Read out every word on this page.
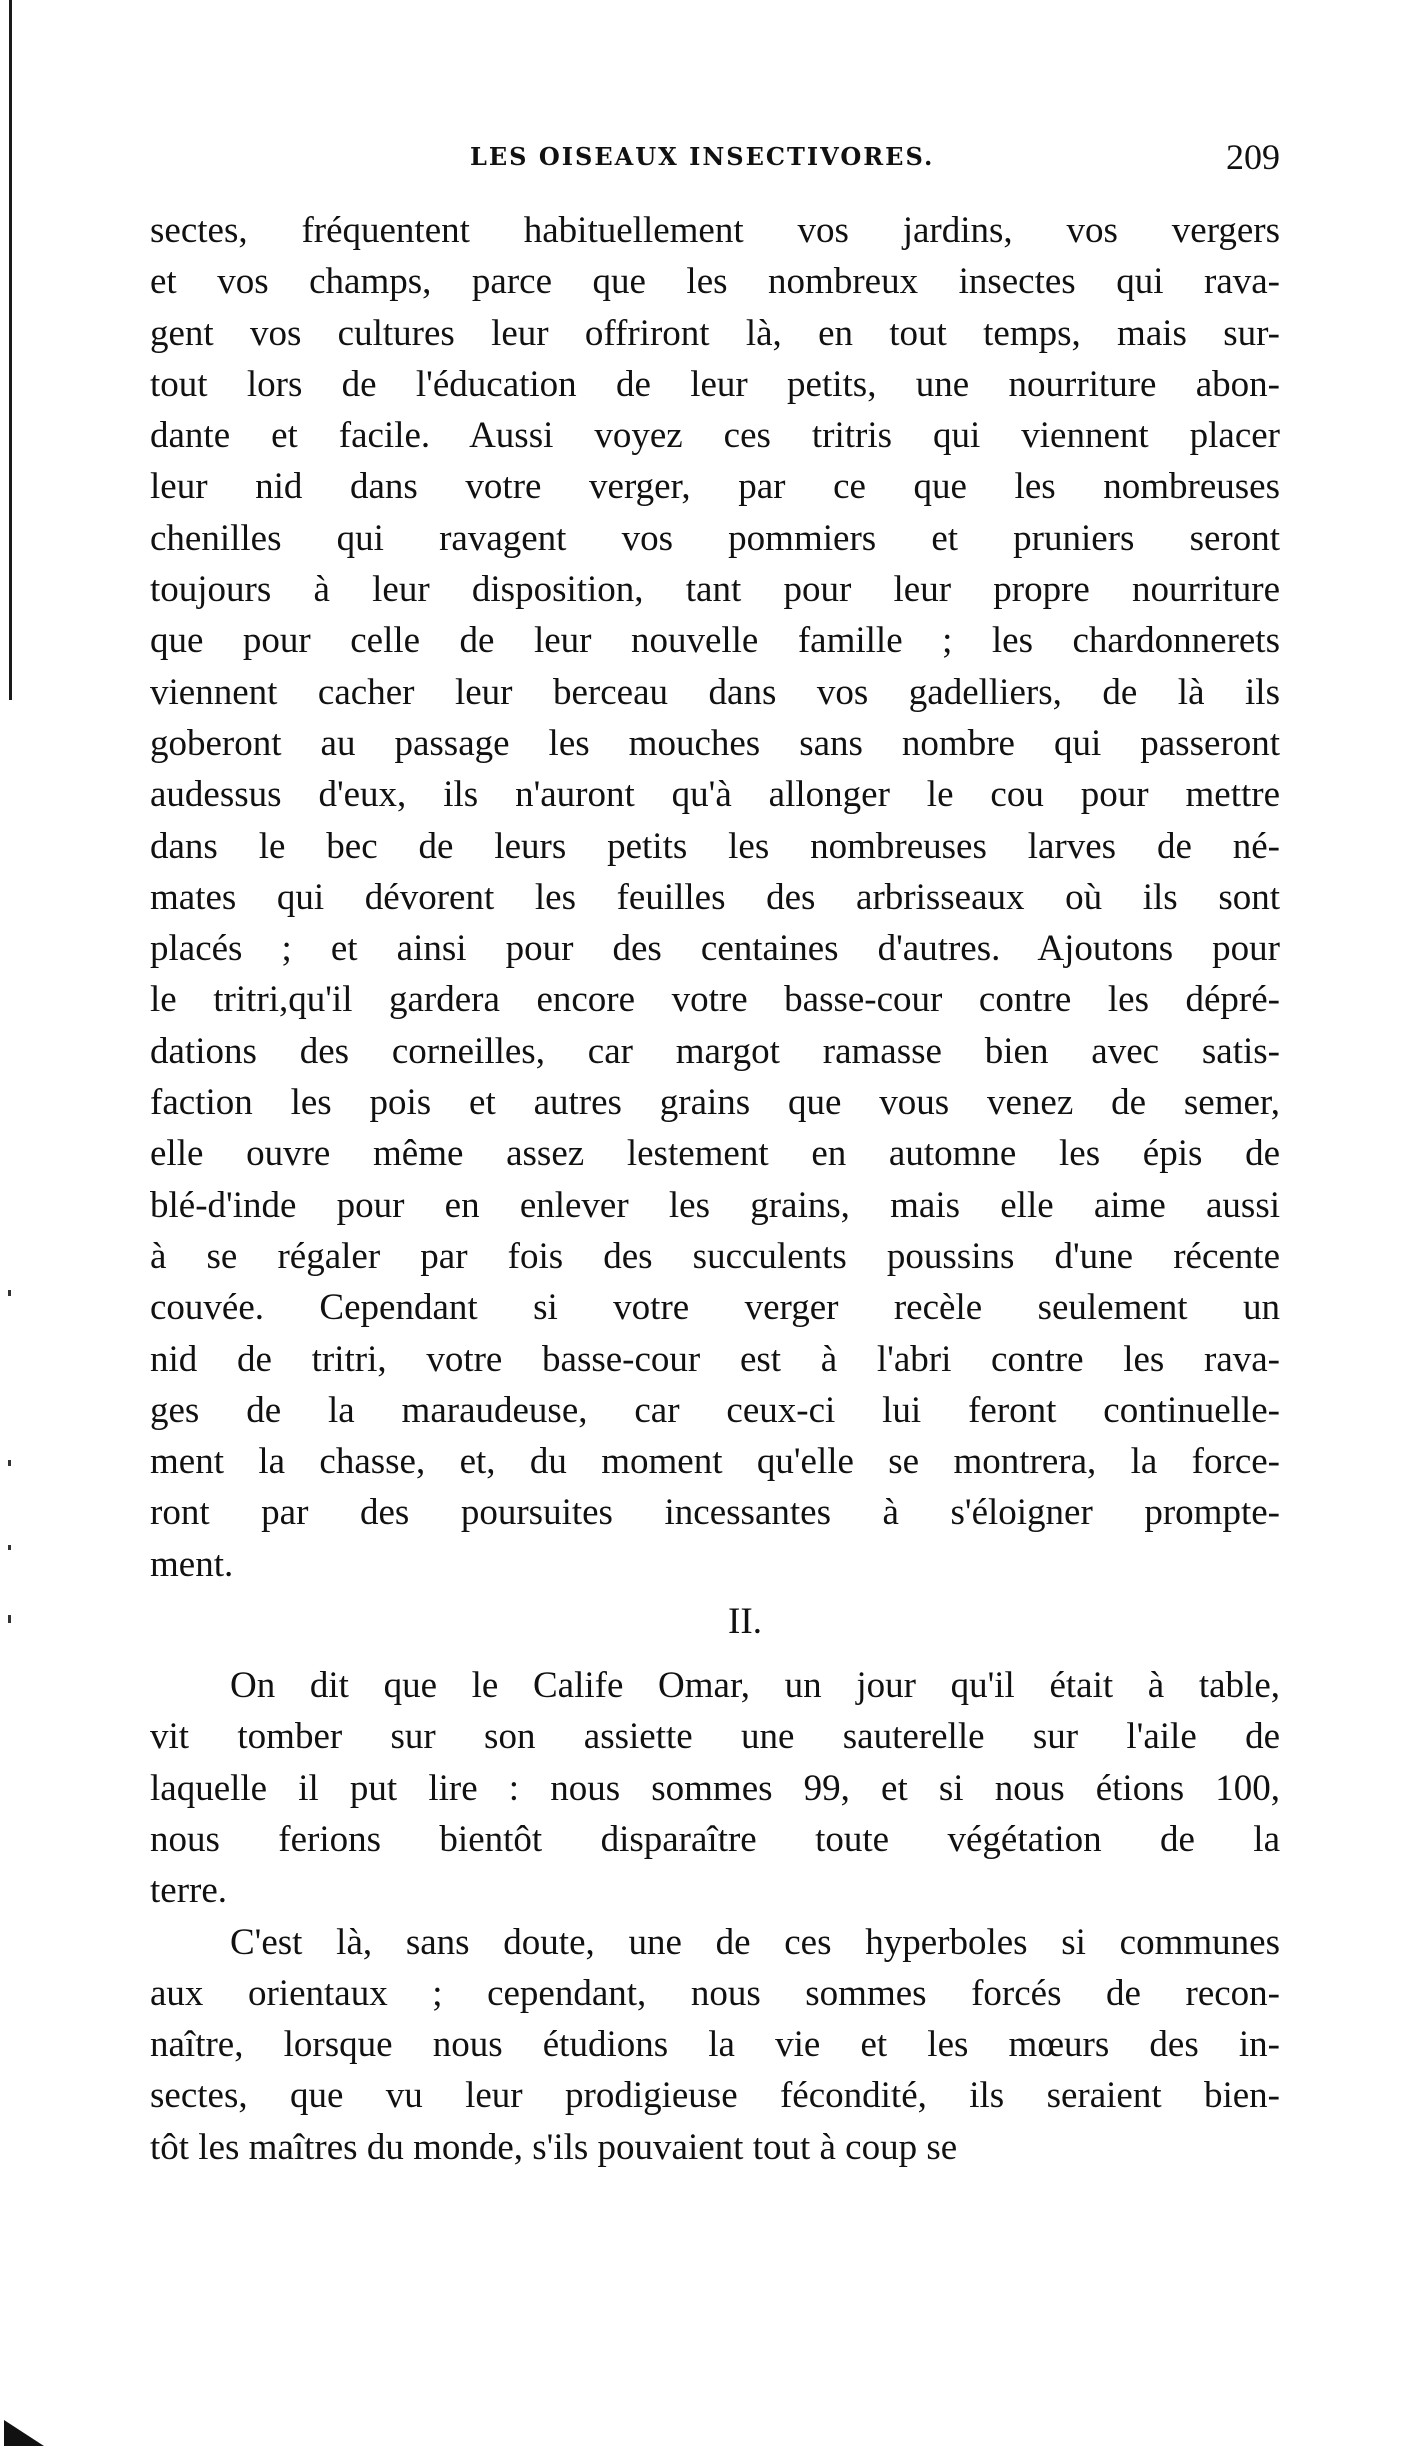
LES OISEAUX INSECTIVORES.	209
sectes, fréquentent habituellement vos jardins, vos vergers
et vos champs, parce que les nombreux insectes qui rava-
gent vos cultures leur offriront là, en tout temps, mais sur-
tout lors de l'éducation de leur petits, une nourriture abon-
dante et facile. Aussi voyez ces tritris qui viennent placer
leur nid dans votre verger, par ce que les nombreuses
chenilles qui ravagent vos pommiers et pruniers seront
toujours à leur disposition, tant pour leur propre nourriture
que pour celle de leur nouvelle famille ; les chardonnerets
viennent cacher leur berceau dans vos gadelliers, de là ils
goberont au passage les mouches sans nombre qui passeront
audessus d'eux, ils n'auront qu'à allonger le cou pour mettre
dans le bec de leurs petits les nombreuses larves de né-
mates qui dévorent les feuilles des arbrisseaux où ils sont
placés ; et ainsi pour des centaines d'autres. Ajoutons pour
le tritri,qu'il gardera encore votre basse-cour contre les dépré-
dations des corneilles, car margot ramasse bien avec satis-
faction les pois et autres grains que vous venez de semer,
elle ouvre même assez lestement en automne les épis de
blé-d'inde pour en enlever les grains, mais elle aime aussi
à se régaler par fois des succulents poussins d'une récente
couvée. Cependant si votre verger recèle seulement un
nid de tritri, votre basse-cour est à l'abri contre les rava-
ges de la maraudeuse, car ceux-ci lui feront continuelle-
ment la chasse, et, du moment qu'elle se montrera, la force-
ront par des poursuites incessantes à s'éloigner prompte-
ment.
II.
On dit que le Calife Omar, un jour qu'il était à table,
vit tomber sur son assiette une sauterelle sur l'aile de
laquelle il put lire : nous sommes 99, et si nous étions 100,
nous ferions bientôt disparaître toute végétation de la
terre.
C'est là, sans doute, une de ces hyperboles si communes
aux orientaux ; cependant, nous sommes forcés de recon-
naître, lorsque nous étudions la vie et les mœurs des in-
sectes, que vu leur prodigieuse fécondité, ils seraient bien-
tôt les maîtres du monde, s'ils pouvaient tout à coup se
